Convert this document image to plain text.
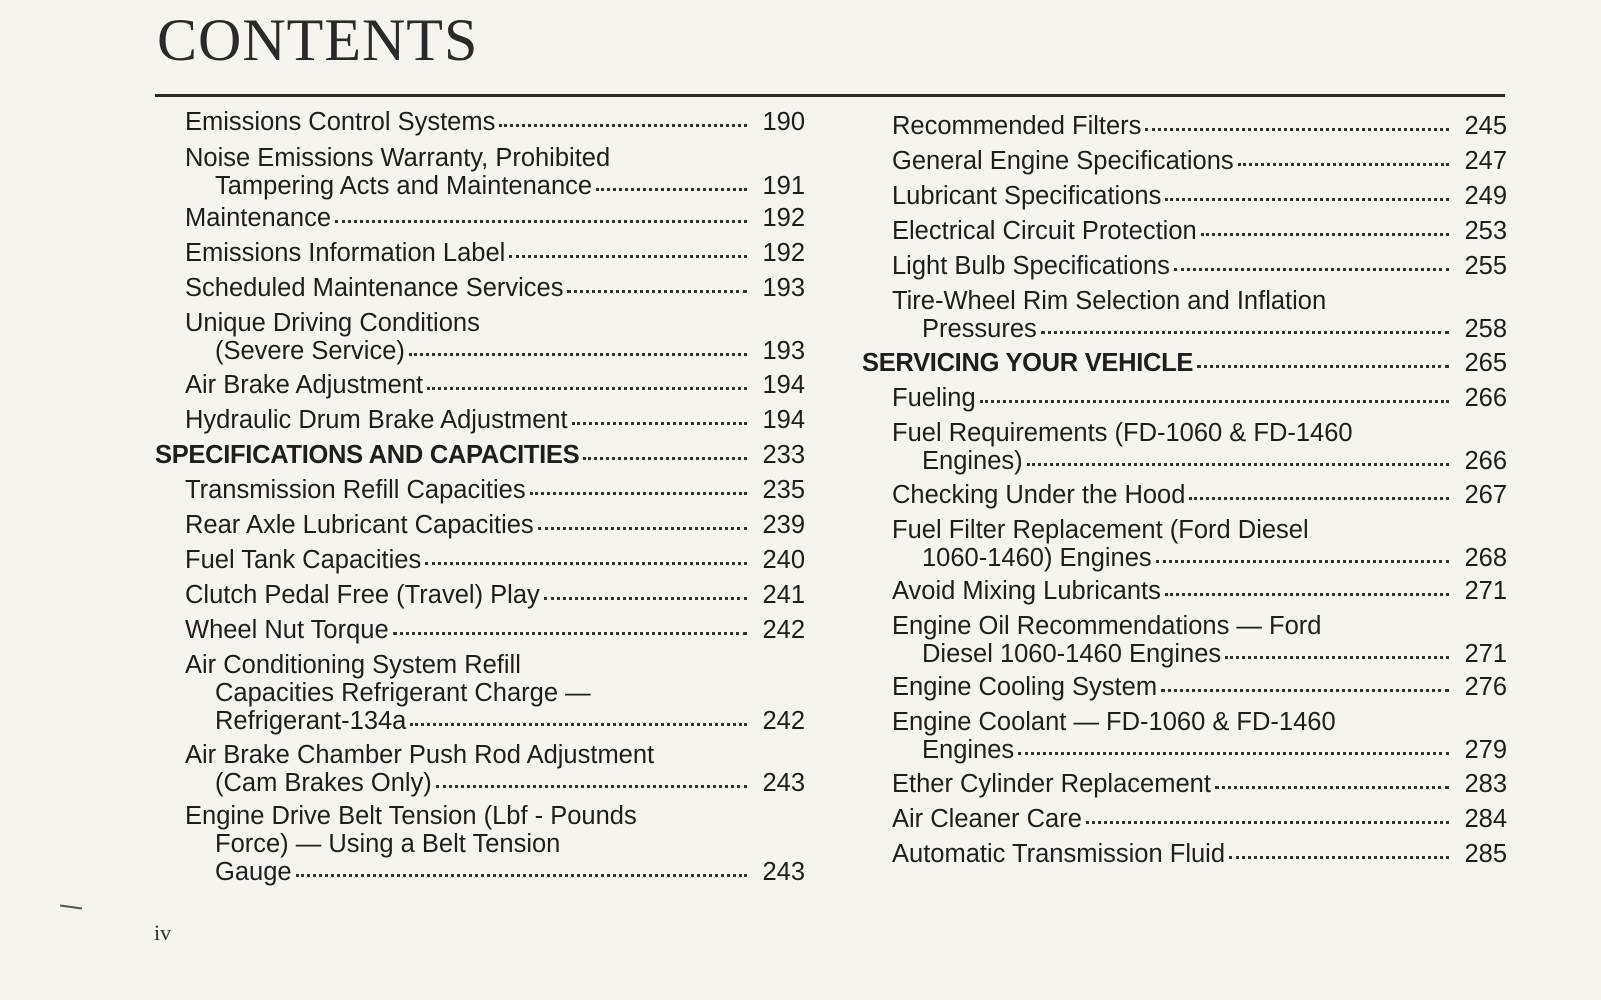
CONTENTS
Emissions Control Systems	190
Noise Emissions Warranty, Prohibited
Tampering Acts and Maintenance	191
Maintenance	192
Emissions Information Label	192
Scheduled Maintenance Services	193
Unique Driving Conditions
(Severe Service)	193
Air Brake Adjustment	194
Hydraulic Drum Brake Adjustment	194
SPECIFICATIONS AND CAPACITIES	233
Transmission Refill Capacities	235
Rear Axle Lubricant Capacities	239
Fuel Tank Capacities	240
Clutch Pedal Free (Travel) Play	241
Wheel Nut Torque	242
Air Conditioning System Refill
Capacities Refrigerant Charge —
Refrigerant-134a	242
Air Brake Chamber Push Rod Adjustment
(Cam Brakes Only)	243
Engine Drive Belt Tension (Lbf - Pounds
Force) — Using a Belt Tension
Gauge	243
Recommended Filters	245
General Engine Specifications	247
Lubricant Specifications	249
Electrical Circuit Protection	253
Light Bulb Specifications	255
Tire-Wheel Rim Selection and Inflation
Pressures	258
SERVICING YOUR VEHICLE	265
Fueling	266
Fuel Requirements (FD-1060 & FD-1460
Engines)	266
Checking Under the Hood	267
Fuel Filter Replacement (Ford Diesel
1060-1460) Engines	268
Avoid Mixing Lubricants	271
Engine Oil Recommendations — Ford
Diesel 1060-1460 Engines	271
Engine Cooling System	276
Engine Coolant — FD-1060 & FD-1460
Engines	279
Ether Cylinder Replacement	283
Air Cleaner Care	284
Automatic Transmission Fluid	285
iv
